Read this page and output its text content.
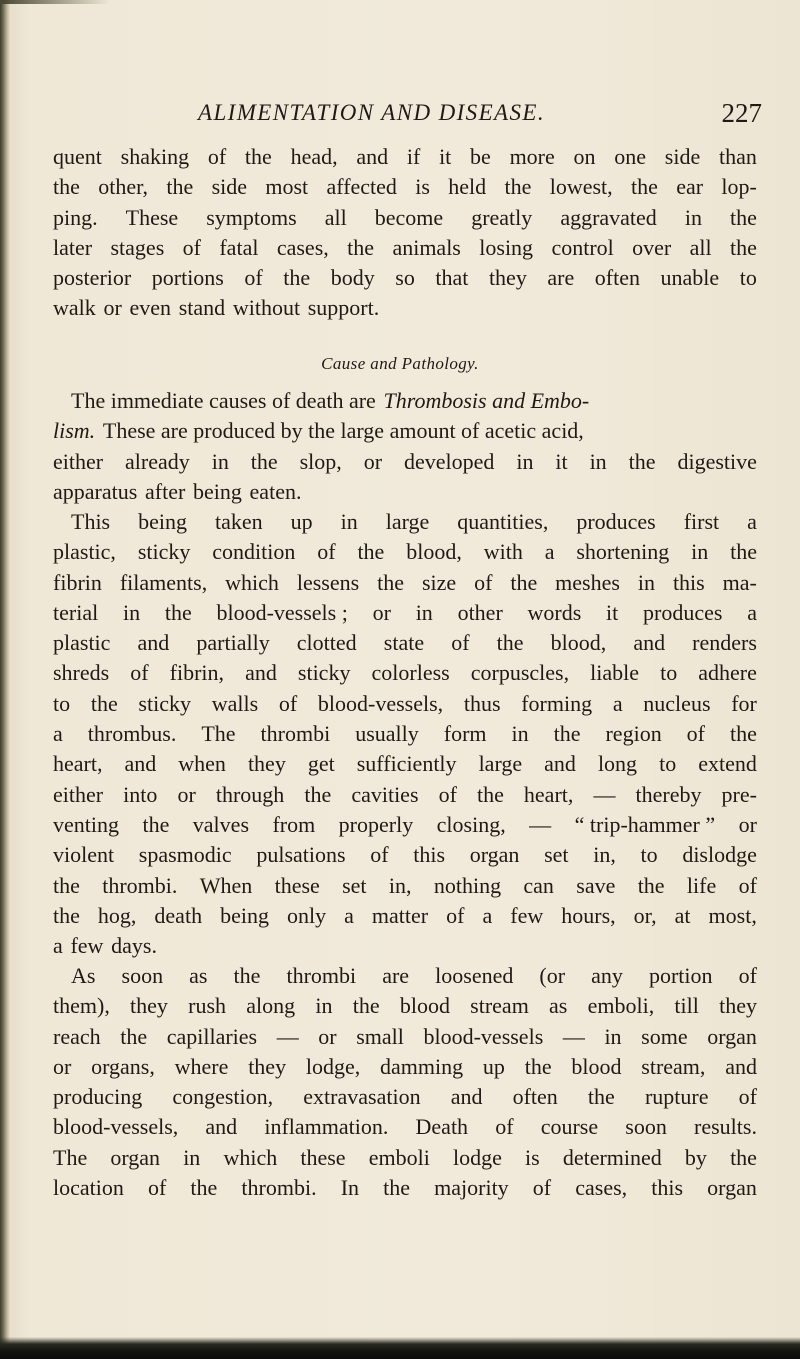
ALIMENTATION AND DISEASE.	227
quent shaking of the head, and if it be more on one side than
the other, the side most affected is held the lowest, the ear lop-
ping. These symptoms all become greatly aggravated in the
later stages of fatal cases, the animals losing control over all the
posterior portions of the body so that they are often unable to
walk or even stand without support.
Cause and Pathology.
The immediate causes of death are Thrombosis and Embo-
lism. These are produced by the large amount of acetic acid,
either already in the slop, or developed in it in the digestive
apparatus after being eaten.
This being taken up in large quantities, produces first a
plastic, sticky condition of the blood, with a shortening in the
fibrin filaments, which lessens the size of the meshes in this ma-
terial in the blood-vessels ; or in other words it produces a
plastic and partially clotted state of the blood, and renders
shreds of fibrin, and sticky colorless corpuscles, liable to adhere
to the sticky walls of blood-vessels, thus forming a nucleus for
a thrombus. The thrombi usually form in the region of the
heart, and when they get sufficiently large and long to extend
either into or through the cavities of the heart, — thereby pre-
venting the valves from properly closing, — “ trip-hammer ” or
violent spasmodic pulsations of this organ set in, to dislodge
the thrombi. When these set in, nothing can save the life of
the hog, death being only a matter of a few hours, or, at most,
a few days.
As soon as the thrombi are loosened (or any portion of
them), they rush along in the blood stream as emboli, till they
reach the capillaries — or small blood-vessels — in some organ
or organs, where they lodge, damming up the blood stream, and
producing congestion, extravasation and often the rupture of
blood-vessels, and inflammation. Death of course soon results.
The organ in which these emboli lodge is determined by the
location of the thrombi. In the majority of cases, this organ
